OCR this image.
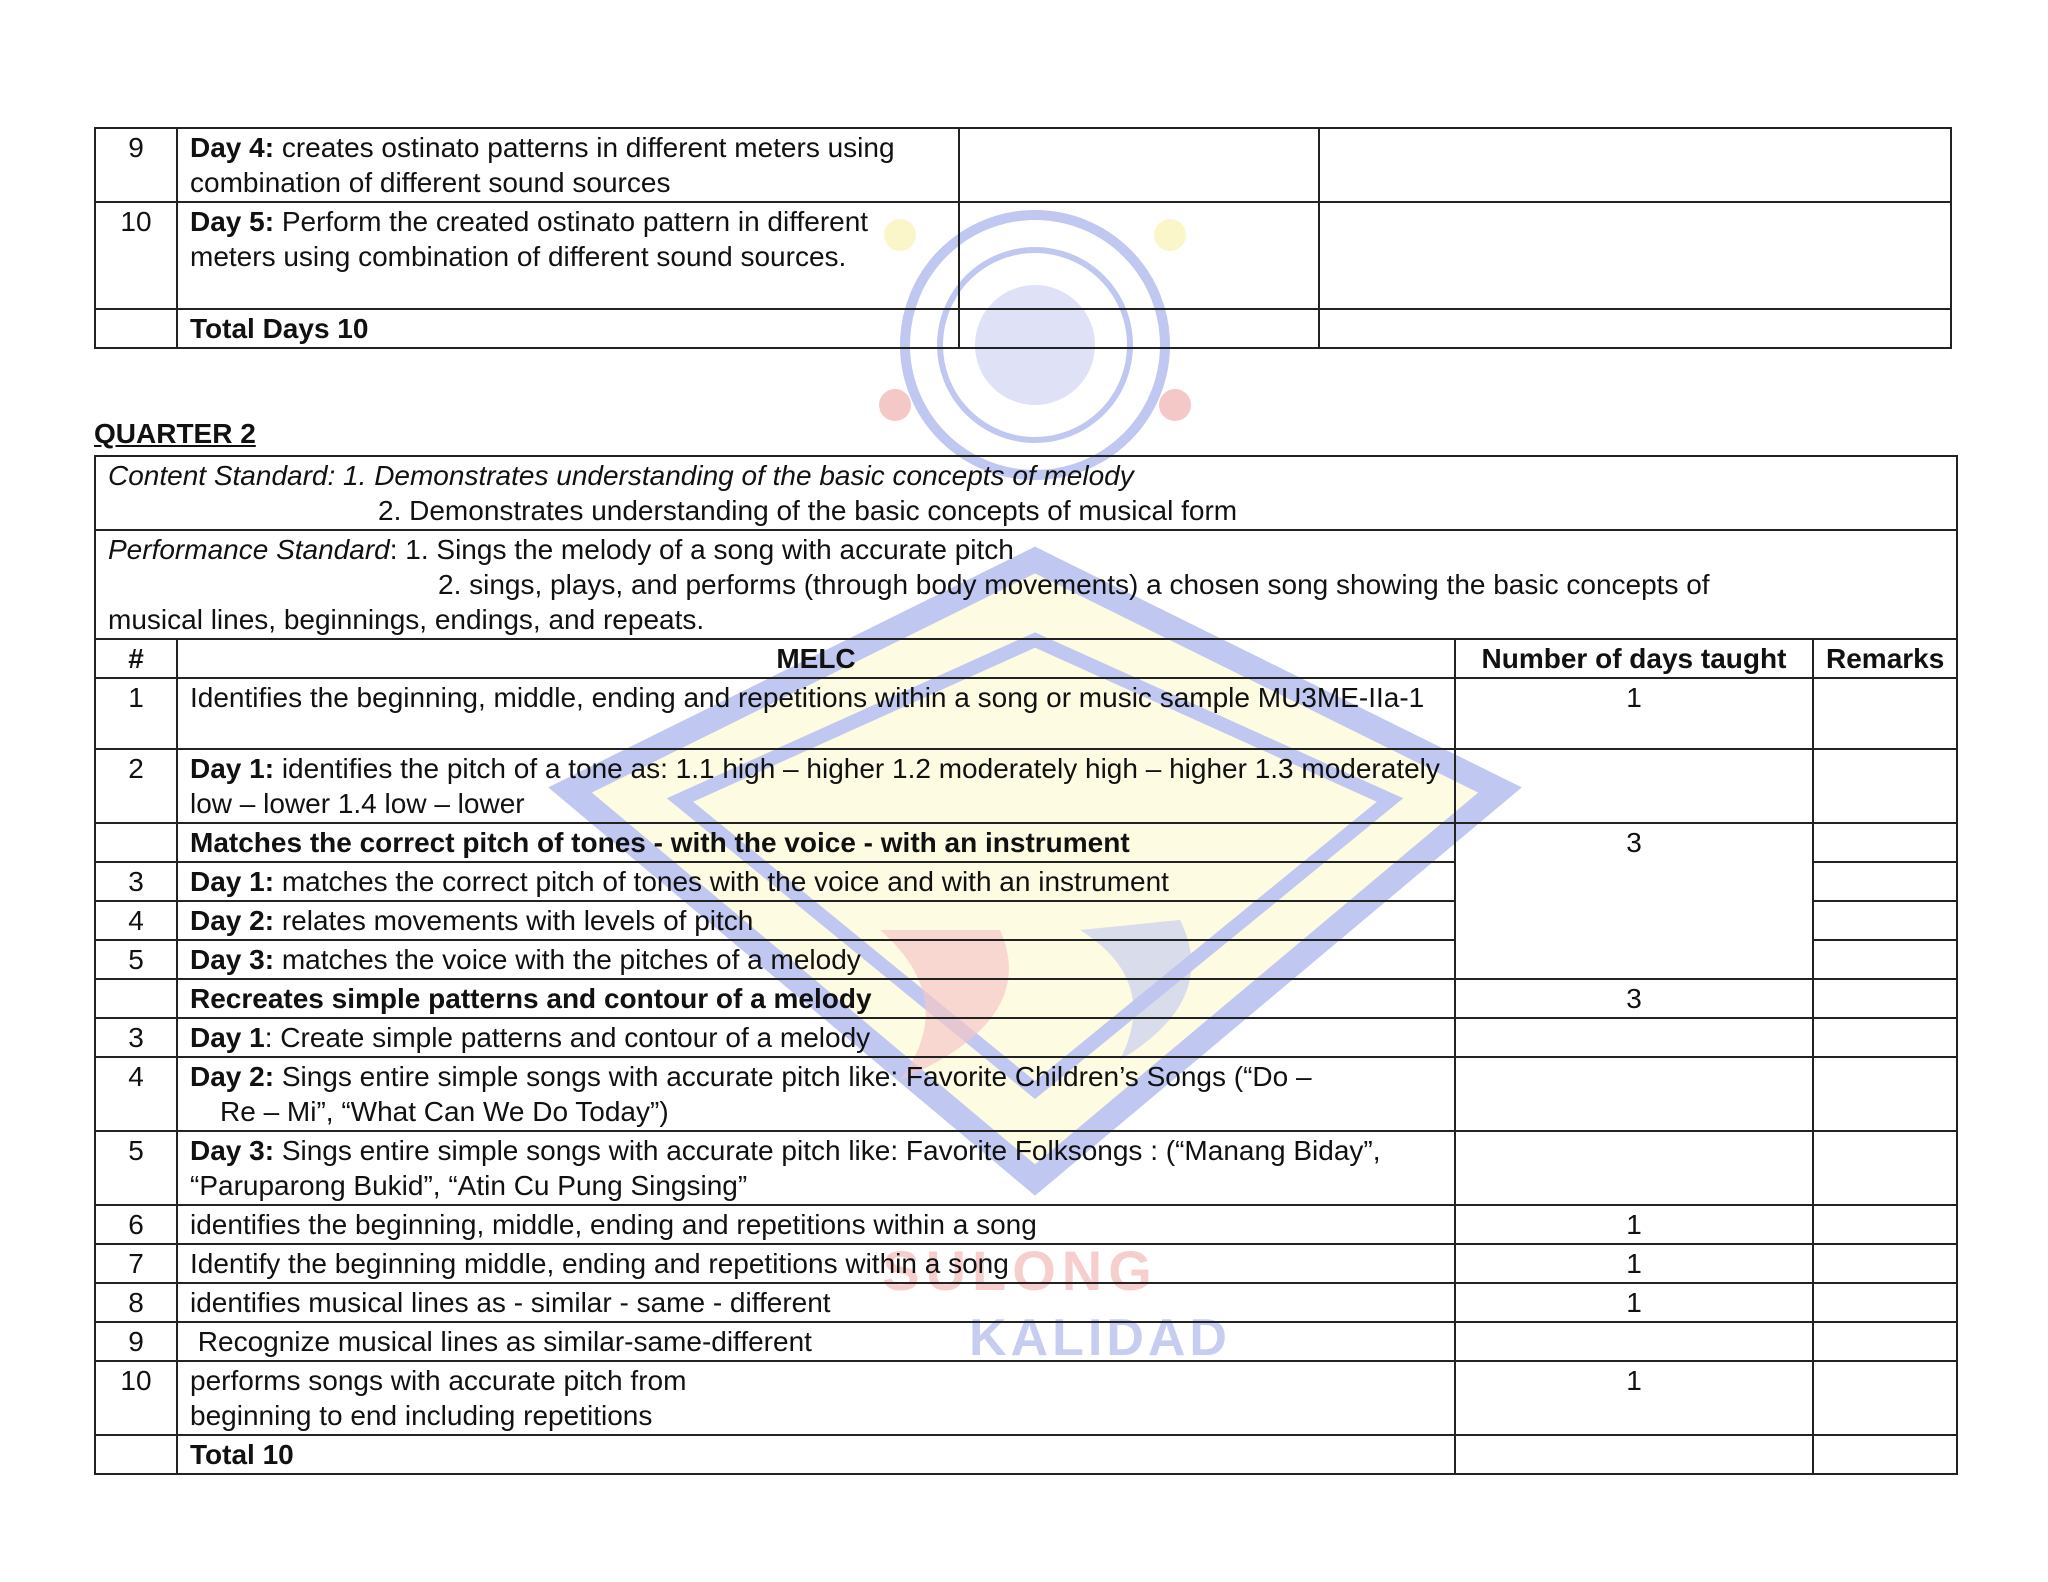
SULONG
KALIDAD
9	Day 4: creates ostinato patterns in different meters using combination of different sound sources		
10	Day 5: Perform the created ostinato pattern in different meters using combination of different sound sources.		
	Total Days 10		
QUARTER 2
Content Standard: 1. Demonstrates understanding of the basic concepts of melody
2. Demonstrates understanding of the basic concepts of musical form			

Performance Standard: 1. Sings the melody of a song with accurate pitch
2. sings, plays, and performs (through body movements) a chosen song showing the basic concepts of
musical lines, beginnings, endings, and repeats.			

#	MELC	Number of days taught	Remarks
1	Identifies the beginning, middle, ending and repetitions within a song or music sample MU3ME-IIa-1	1	
2	Day 1: identifies the pitch of a tone as: 1.1 high – higher 1.2 moderately high – higher 1.3 moderately low – lower 1.4 low – lower		
	Matches the correct pitch of tones - with the voice - with an instrument	3	
3	Day 1: matches the correct pitch of tones with the voice and with an instrument		
4	Day 2: relates movements with levels of pitch		
5	Day 3: matches the voice with the pitches of a melody		
	Recreates simple patterns and contour of a melody	3	
3	Day 1: Create simple patterns and contour of a melody		
4	Day 2: Sings entire simple songs with accurate pitch like: Favorite Children’s Songs (“Do –
Re – Mi”, “What Can We Do Today”)		

5	Day 3: Sings entire simple songs with accurate pitch like: Favorite Folksongs : (“Manang Biday”, “Paruparong Bukid”, “Atin Cu Pung Singsing”		
6	identifies the beginning, middle, ending and repetitions within a song	1	
7	Identify the beginning middle, ending and repetitions within a song	1	
8	identifies musical lines as - similar - same - different	1	
9	Recognize musical lines as similar-same-different		
10	performs songs with accurate pitch from
beginning to end including repetitions	1	
	Total 10		
